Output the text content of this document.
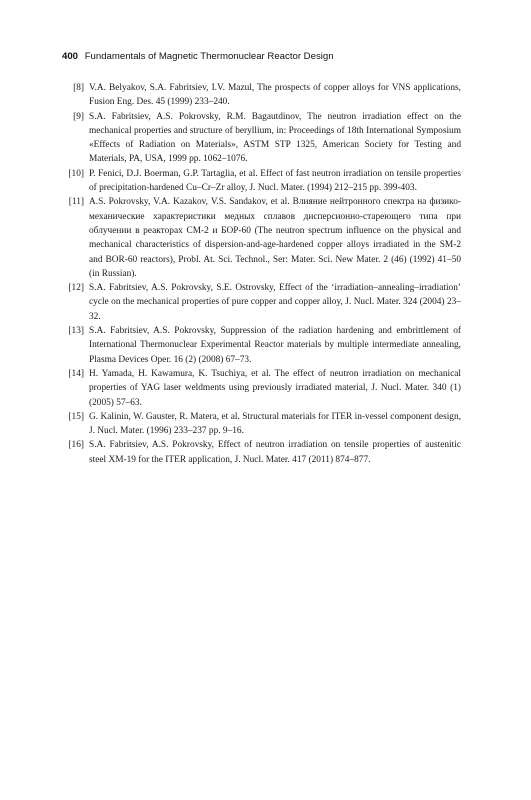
400 Fundamentals of Magnetic Thermonuclear Reactor Design
[8] V.A. Belyakov, S.A. Fabritsiev, I.V. Mazul, The prospects of copper alloys for VNS applications, Fusion Eng. Des. 45 (1999) 233–240.
[9] S.A. Fabritsiev, A.S. Pokrovsky, R.M. Bagautdinov, The neutron irradiation effect on the mechanical properties and structure of beryllium, in: Proceedings of 18th International Symposium «Effects of Radiation on Materials», ASTM STP 1325, American Society for Testing and Materials, PA, USA, 1999 pp. 1062–1076.
[10] P. Fenici, D.J. Boerman, G.P. Tartaglia, et al. Effect of fast neutron irradiation on tensile properties of precipitation-hardened Cu–Cr–Zr alloy, J. Nucl. Mater. (1994) 212–215 pp. 399-403.
[11] A.S. Pokrovsky, V.A. Kazakov, V.S. Sandakov, et al. Влияние нейтронного спектра на физико-механические характеристики медных сплавов дисперсионно-стареющего типа при облучении в реакторах СМ-2 и БОР-60 (The neutron spectrum influence on the physical and mechanical characteristics of dispersion-and-age-hardened copper alloys irradiated in the SM-2 and BOR-60 reactors), Probl. At. Sci. Technol., Ser: Mater. Sci. New Mater. 2 (46) (1992) 41–50 (in Russian).
[12] S.A. Fabritsiev, A.S. Pokrovsky, S.E. Ostrovsky, Effect of the ‘irradiation–annealing–irradiation’ cycle on the mechanical properties of pure copper and copper alloy, J. Nucl. Mater. 324 (2004) 23–32.
[13] S.A. Fabritsiev, A.S. Pokrovsky, Suppression of the radiation hardening and embrittlement of International Thermonuclear Experimental Reactor materials by multiple intermediate annealing, Plasma Devices Oper. 16 (2) (2008) 67–73.
[14] H. Yamada, H. Kawamura, K. Tsuchiya, et al. The effect of neutron irradiation on mechanical properties of YAG laser weldments using previously irradiated material, J. Nucl. Mater. 340 (1) (2005) 57–63.
[15] G. Kalinin, W. Gauster, R. Matera, et al. Structural materials for ITER in-vessel component design, J. Nucl. Mater. (1996) 233–237 pp. 9–16.
[16] S.A. Fabritsiev, A.S. Pokrovsky, Effect of neutron irradiation on tensile properties of austenitic steel XM-19 for the ITER application, J. Nucl. Mater. 417 (2011) 874–877.
